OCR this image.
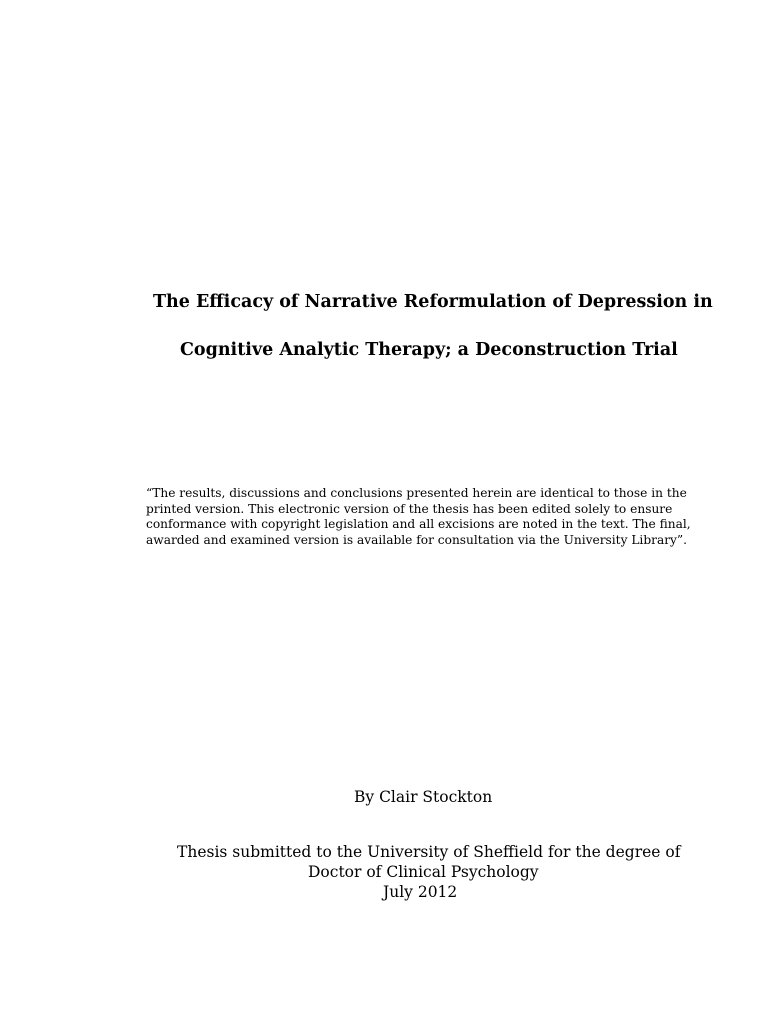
The Efficacy of Narrative Reformulation of Depression in
Cognitive Analytic Therapy; a Deconstruction Trial
“The results, discussions and conclusions presented herein are identical to those in the
printed version. This electronic version of the thesis has been edited solely to ensure
conformance with copyright legislation and all excisions are noted in the text. The final,
awarded and examined version is available for consultation via the University Library”.
By Clair Stockton
Thesis submitted to the University of Sheffield for the degree of
Doctor of Clinical Psychology
July 2012
